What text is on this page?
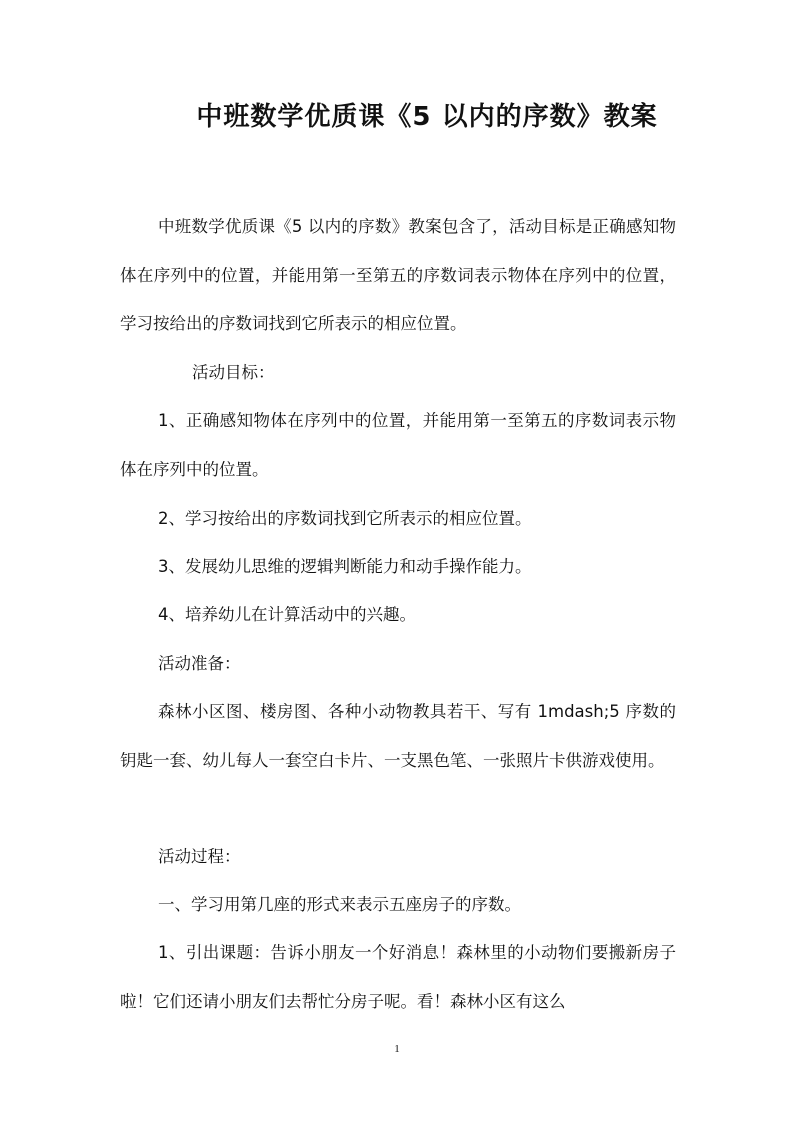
中班数学优质课《5 以内的序数》教案

中班数学优质课《5 以内的序数》教案包含了，活动目标是正确感知物体在序列中的位置，并能用第一至第五的序数词表示物体在序列中的位置，学习按给出的序数词找到它所表示的相应位置。

活动目标：

1、正确感知物体在序列中的位置，并能用第一至第五的序数词表示物体在序列中的位置。

2、学习按给出的序数词找到它所表示的相应位置。

3、发展幼儿思维的逻辑判断能力和动手操作能力。

4、培养幼儿在计算活动中的兴趣。

活动准备：

森林小区图、楼房图、各种小动物教具若干、写有 1mdash;5 序数的钥匙一套、幼儿每人一套空白卡片、一支黑色笔、一张照片卡供游戏使用。

活动过程：

一、学习用第几座的形式来表示五座房子的序数。

1、引出课题：告诉小朋友一个好消息！森林里的小动物们要搬新房子啦！它们还请小朋友们去帮忙分房子呢。看！森林小区有这么

1
